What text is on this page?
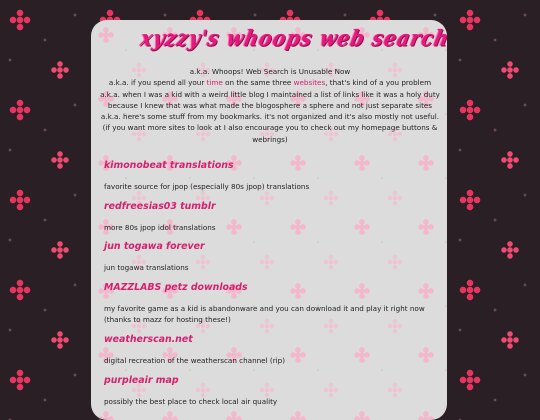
xyzzy's whoops web search

a.k.a. Whoops! Web Search is Unusable Now

a.k.a. if you spend all your time on the same three websites, that's kind of a you problem

a.k.a. when I was a kid with a weird little blog I maintained a list of links like it was a holy duty because I knew that was what made the blogosphere a sphere and not just separate sites

a.k.a. here's some stuff from my bookmarks. it's not organized and it's also mostly not useful.

(if you want more sites to look at I also encourage you to check out my homepage buttons & webrings)

kimonobeat translations

favorite source for jpop (especially 80s jpop) translations

redfreesias03 tumblr

more 80s jpop idol translations

jun togawa forever

jun togawa translations

MAZZLABS petz downloads

my favorite game as a kid is abandonware and you can download it and play it right now (thanks to mazz for hosting these!)

weatherscan.net

digital recreation of the weatherscan channel (rip)

purpleair map

possibly the best place to check local air quality
